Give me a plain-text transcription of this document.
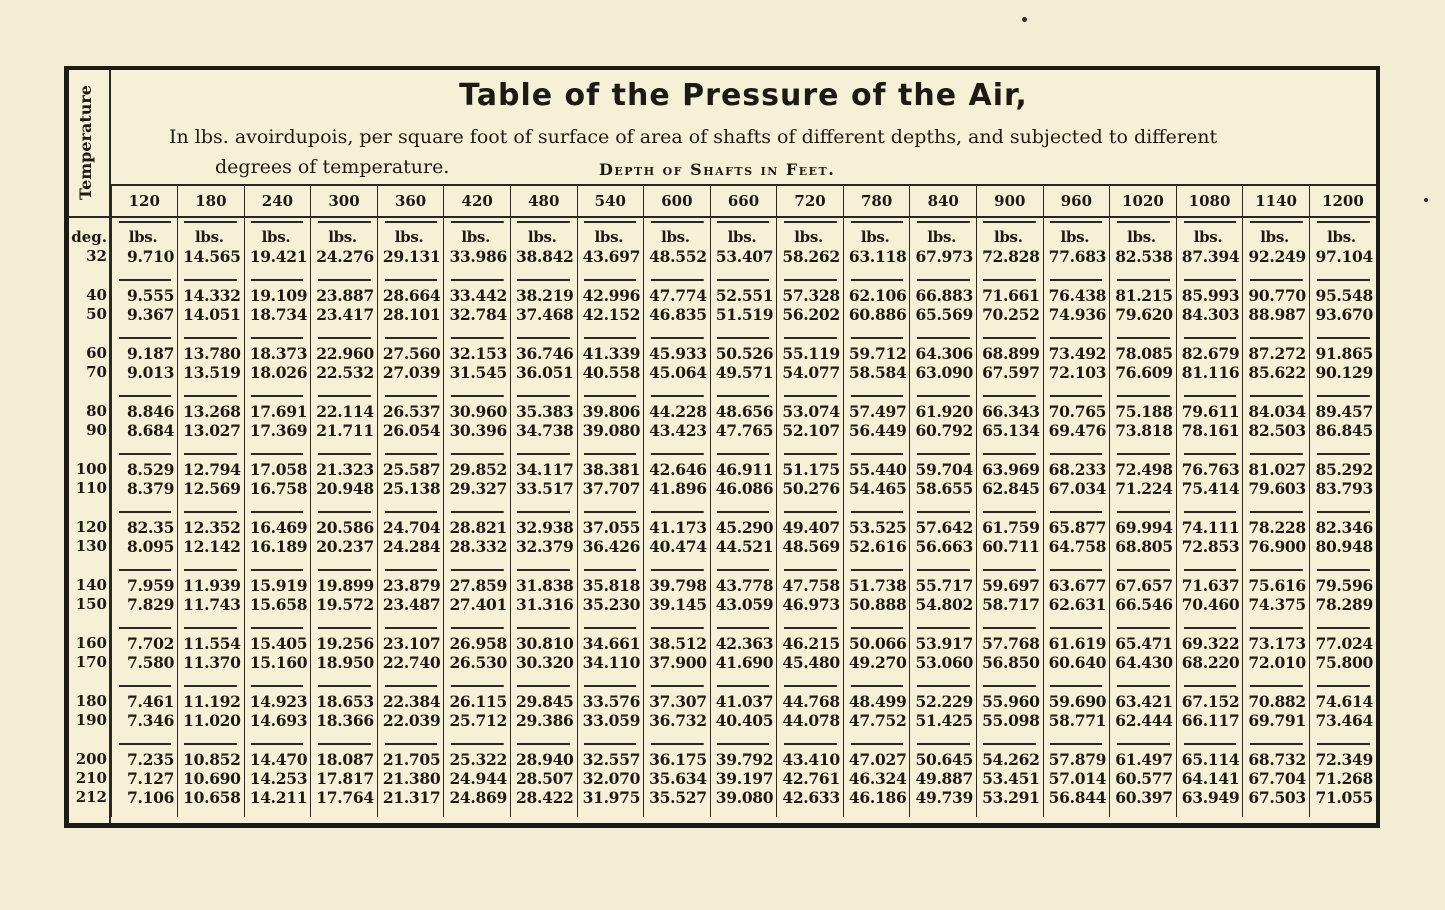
Temperature	Table of the Pressure of the Air,
In lbs. avoirdupois, per square foot of surface of area of shafts of different depths, and subjected to different
degrees of temperature.	Depth of Shafts in Feet.
	120	180	240	300	360	420	480	540	600	660	720	780	840	900	960	1020	1080	1140	1200
deg.	lbs.	lbs.	lbs.	lbs.	lbs.	lbs.	lbs.	lbs.	lbs.	lbs.	lbs.	lbs.	lbs.	lbs.	lbs.	lbs.	lbs.	lbs.	lbs.
32	9.710	14.565	19.421	24.276	29.131	33.986	38.842	43.697	48.552	53.407	58.262	63.118	67.973	72.828	77.683	82.538	87.394	92.249	97.104
40	9.555	14.332	19.109	23.887	28.664	33.442	38.219	42.996	47.774	52.551	57.328	62.106	66.883	71.661	76.438	81.215	85.993	90.770	95.548
50	9.367	14.051	18.734	23.417	28.101	32.784	37.468	42.152	46.835	51.519	56.202	60.886	65.569	70.252	74.936	79.620	84.303	88.987	93.670
60	9.187	13.780	18.373	22.960	27.560	32.153	36.746	41.339	45.933	50.526	55.119	59.712	64.306	68.899	73.492	78.085	82.679	87.272	91.865
70	9.013	13.519	18.026	22.532	27.039	31.545	36.051	40.558	45.064	49.571	54.077	58.584	63.090	67.597	72.103	76.609	81.116	85.622	90.129
80	8.846	13.268	17.691	22.114	26.537	30.960	35.383	39.806	44.228	48.656	53.074	57.497	61.920	66.343	70.765	75.188	79.611	84.034	89.457
90	8.684	13.027	17.369	21.711	26.054	30.396	34.738	39.080	43.423	47.765	52.107	56.449	60.792	65.134	69.476	73.818	78.161	82.503	86.845
100	8.529	12.794	17.058	21.323	25.587	29.852	34.117	38.381	42.646	46.911	51.175	55.440	59.704	63.969	68.233	72.498	76.763	81.027	85.292
110	8.379	12.569	16.758	20.948	25.138	29.327	33.517	37.707	41.896	46.086	50.276	54.465	58.655	62.845	67.034	71.224	75.414	79.603	83.793
120	82.35	12.352	16.469	20.586	24.704	28.821	32.938	37.055	41.173	45.290	49.407	53.525	57.642	61.759	65.877	69.994	74.111	78.228	82.346
130	8.095	12.142	16.189	20.237	24.284	28.332	32.379	36.426	40.474	44.521	48.569	52.616	56.663	60.711	64.758	68.805	72.853	76.900	80.948
140	7.959	11.939	15.919	19.899	23.879	27.859	31.838	35.818	39.798	43.778	47.758	51.738	55.717	59.697	63.677	67.657	71.637	75.616	79.596
150	7.829	11.743	15.658	19.572	23.487	27.401	31.316	35.230	39.145	43.059	46.973	50.888	54.802	58.717	62.631	66.546	70.460	74.375	78.289
160	7.702	11.554	15.405	19.256	23.107	26.958	30.810	34.661	38.512	42.363	46.215	50.066	53.917	57.768	61.619	65.471	69.322	73.173	77.024
170	7.580	11.370	15.160	18.950	22.740	26.530	30.320	34.110	37.900	41.690	45.480	49.270	53.060	56.850	60.640	64.430	68.220	72.010	75.800
180	7.461	11.192	14.923	18.653	22.384	26.115	29.845	33.576	37.307	41.037	44.768	48.499	52.229	55.960	59.690	63.421	67.152	70.882	74.614
190	7.346	11.020	14.693	18.366	22.039	25.712	29.386	33.059	36.732	40.405	44.078	47.752	51.425	55.098	58.771	62.444	66.117	69.791	73.464
200	7.235	10.852	14.470	18.087	21.705	25.322	28.940	32.557	36.175	39.792	43.410	47.027	50.645	54.262	57.879	61.497	65.114	68.732	72.349
210	7.127	10.690	14.253	17.817	21.380	24.944	28.507	32.070	35.634	39.197	42.761	46.324	49.887	53.451	57.014	60.577	64.141	67.704	71.268
212	7.106	10.658	14.211	17.764	21.317	24.869	28.422	31.975	35.527	39.080	42.633	46.186	49.739	53.291	56.844	60.397	63.949	67.503	71.055
